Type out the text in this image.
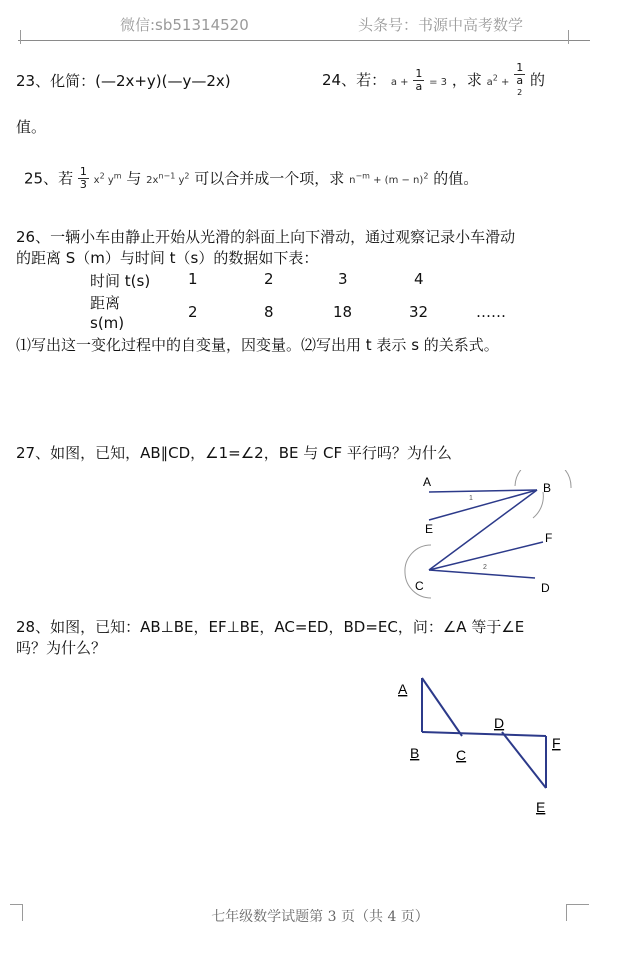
微信:sb51314520	头条号：书源中高考数学
23、化简：(—2x+y)(—y—2x)	24、若： $a + \frac{1}{a} = 3$ ，求 $a^2 + 1$
a
2 的
值。
25、若 $\frac{1}{3} x^2$ $y^m$ 与 $2x^{n-1}$ $y^2$ 可以合并成一个项，求 $n^{-m} + (m - n)^2$ 的值。
26、一辆小车由静止开始从光滑的斜面上向下滑动，通过观察记录小车滑动
的距离 S（m）与时间 t（s）的数据如下表：
时间 t(s)	1	2	3	4
距离
s(m)
2	8	18	32	……
⑴写出这一变化过程中的自变量，因变量。⑵写出用 t 表示 s 的关系式。
27、如图，已知，AB∥CD，∠1=∠2，BE 与 CF 平行吗？为什么
A	B
E
F
C	D
1
2
28、如图，已知：AB⊥BE，EF⊥BE，AC=ED，BD=EC，问：∠A 等于∠E
吗？为什么？
A
B	C
D
F
E
七年级数学试题第 3 页（共 4 页）
